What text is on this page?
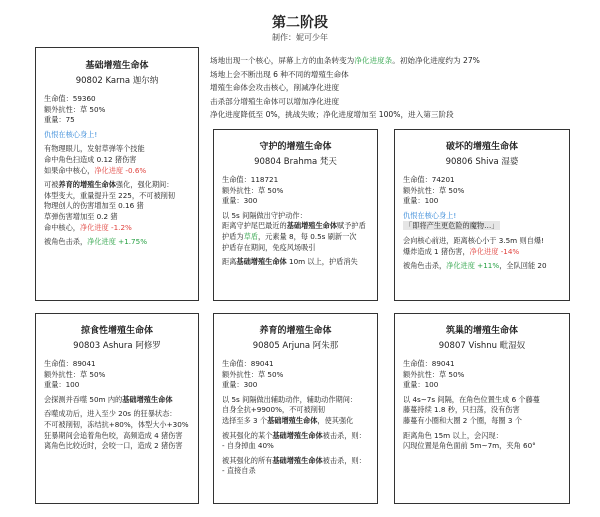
第二阶段
制作：妮可少年
基础增殖生命体
90802 Karna 迦尔纳
生命值：59360
额外抗性：草 50%
重量：75
仇恨在核心身上!
有物理眼儿，发射草弹等个技能
命中角色扫造成 0.12 猪伤害
如果命中核心，净化进度 -0.6%
可被养育的增殖生命体强化，强化期间：
体型变大，重量提升至 225，不可被削韧
物理创人的伤害增加至 0.16 猪
草弹伤害增加至 0.2 猪
命中核心，净化进度 -1.2%
被角色击杀，净化进度 +1.75%
场地出现一个核心，屏幕上方的血条转变为净化进度条。初始净化进度约为 27%
场地上会不断出现 6 种不同的增殖生命体
增殖生命体会攻击核心，削减净化进度
击杀部分增殖生命体可以增加净化进度
净化进度降低至 0%，挑战失败；净化进度增加至 100%，进入第三阶段
守护的增殖生命体
90804 Brahma 梵天
生命值：118721
额外抗性：草 50%
重量：300
以 5s 间隔做出守护动作：
距离守护尾巴最近的基础增殖生命体赋予护盾
护盾为草盾，元素量 8，每 0.5s 刷新一次
护盾存在期间，免疫风场吸引
距离基础增殖生命体 10m 以上，护盾消失
破坏的增殖生命体
90806 Shiva 湿婆
生命值：74201
额外抗性：草 50%
重量：100
仇恨在核心身上!
「即将产生更危险的魔物…」
会向核心前进，距离核心小于 3.5m 则自爆!
爆炸造成 1 猪伤害，净化进度 -14%
被角色击杀，净化进度 +11%，全队回能 20
掠食性增殖生命体
90803 Ashura 阿修罗
生命值：89041
额外抗性：草 50%
重量：100
会探测并吞噬 50m 内的基础增殖生命体
吞噬成功后，进入至少 20s 的狂暴状态：
不可被削韧，冻结抗+80%，体型大小+30%
狂暴期间会追着角色咬，高频造成 4 猪伤害
离角色比较近时，会咬一口，造成 2 猪伤害
养育的增殖生命体
90805 Arjuna 阿朱那
生命值：89041
额外抗性：草 50%
重量：300
以 5s 间隔做出辅助动作，辅助动作期间：
自身全抗+9900%，不可被削韧
选择至多 3 个基础增殖生命体，使其强化
被其强化的某个基础增殖生命体被击杀，则：
- 自身掉血 40%
被其强化的所有基础增殖生命体被击杀，则：
- 直接自杀
筑巢的增殖生命体
90807 Vishnu 毗湿奴
生命值：89041
额外抗性：草 50%
重量：100
以 4s~7s 间隔，在角色位置生成 6 个藤蔓
藤蔓持续 1.8 秒，只扫荡，没有伤害
藤蔓有小圈和大圈 2 个圈，每圈 3 个
距离角色 15m 以上，会闪现：
闪现位置是角色面前 5m~7m，夹角 60°
